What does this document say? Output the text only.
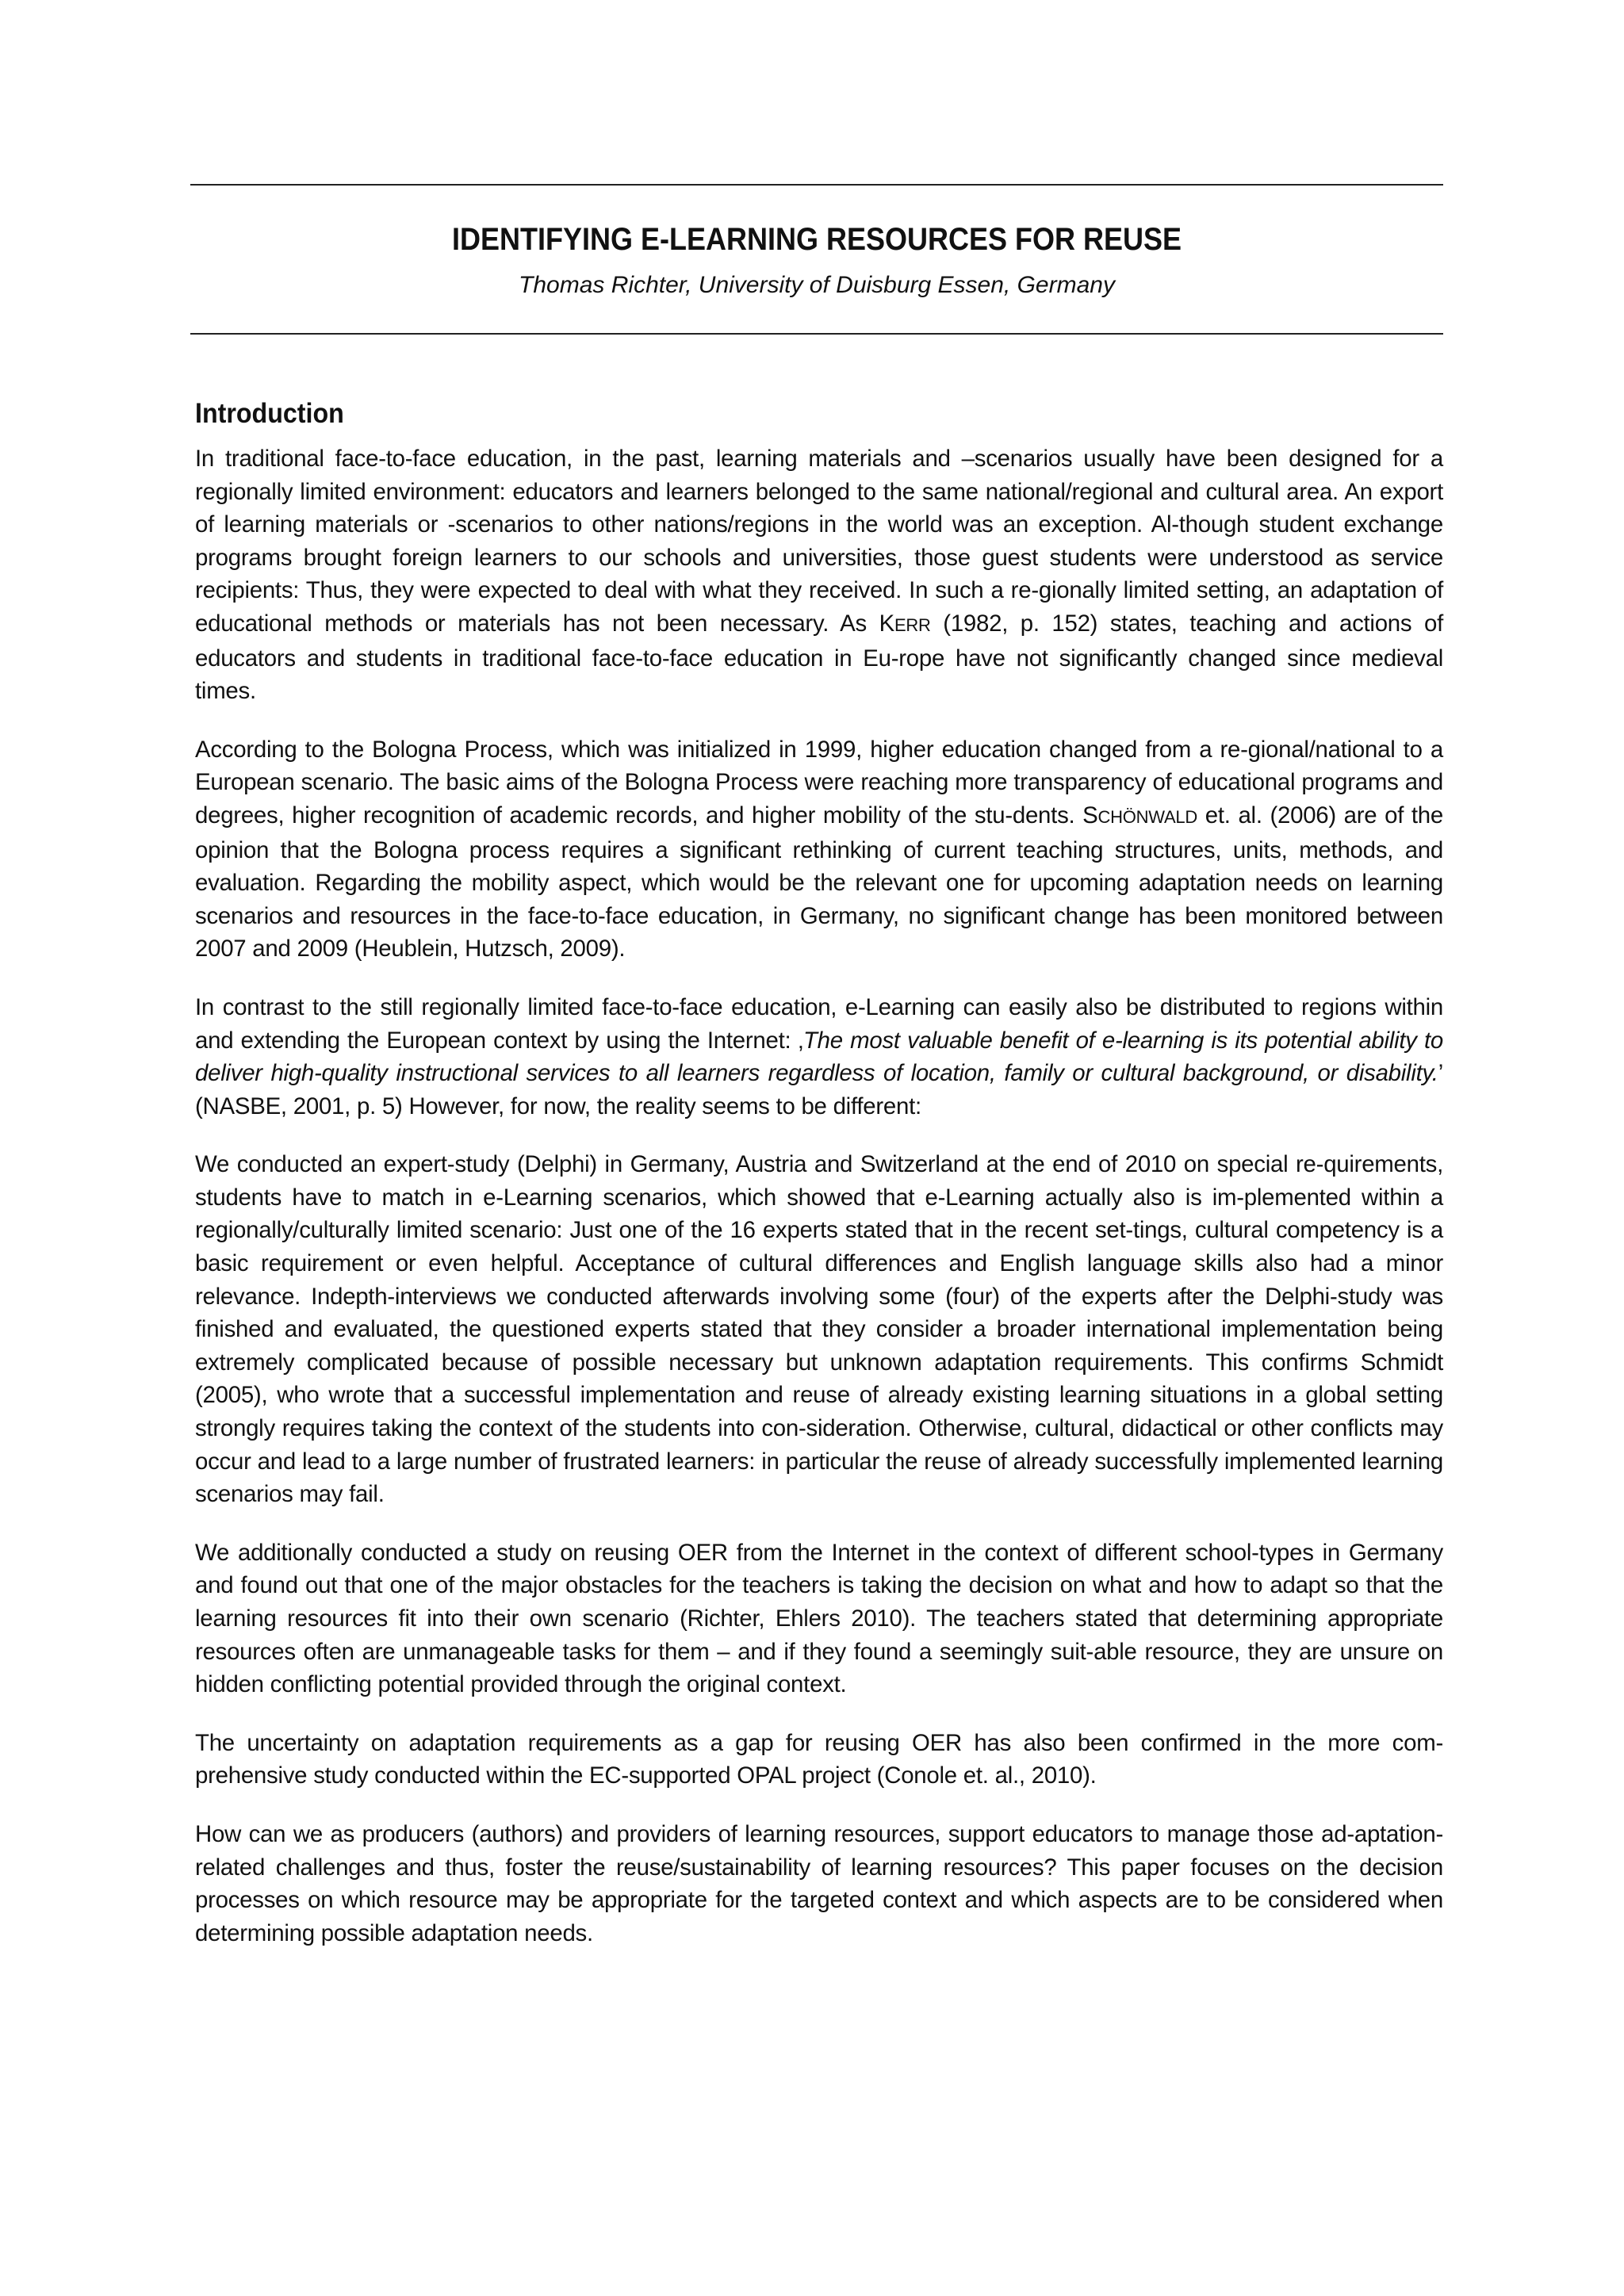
IDENTIFYING E-LEARNING RESOURCES FOR REUSE

Thomas Richter, University of Duisburg Essen, Germany

Introduction

In traditional face-to-face education, in the past, learning materials and –scenarios usually have been designed for a regionally limited environment: educators and learners belonged to the same national/regional and cultural area. An export of learning materials or -scenarios to other nations/regions in the world was an exception. Al-though student exchange programs brought foreign learners to our schools and universities, those guest students were understood as service recipients: Thus, they were expected to deal with what they received. In such a re-gionally limited setting, an adaptation of educational methods or materials has not been necessary. As KERR (1982, p. 152) states, teaching and actions of educators and students in traditional face-to-face education in Eu-rope have not significantly changed since medieval times.

According to the Bologna Process, which was initialized in 1999, higher education changed from a re-gional/national to a European scenario. The basic aims of the Bologna Process were reaching more transparency of educational programs and degrees, higher recognition of academic records, and higher mobility of the stu-dents. SCHÖNWALD et. al. (2006) are of the opinion that the Bologna process requires a significant rethinking of current teaching structures, units, methods, and evaluation. Regarding the mobility aspect, which would be the relevant one for upcoming adaptation needs on learning scenarios and resources in the face-to-face education, in Germany, no significant change has been monitored between 2007 and 2009 (Heublein, Hutzsch, 2009).

In contrast to the still regionally limited face-to-face education, e-Learning can easily also be distributed to regions within and extending the European context by using the Internet: ‚The most valuable benefit of e-learning is its potential ability to deliver high-quality instructional services to all learners regardless of location, family or cultural background, or disability.’ (NASBE, 2001, p. 5) However, for now, the reality seems to be different:

We conducted an expert-study (Delphi) in Germany, Austria and Switzerland at the end of 2010 on special re-quirements, students have to match in e-Learning scenarios, which showed that e-Learning actually also is im-plemented within a regionally/culturally limited scenario: Just one of the 16 experts stated that in the recent set-tings, cultural competency is a basic requirement or even helpful. Acceptance of cultural differences and English language skills also had a minor relevance. Indepth-interviews we conducted afterwards involving some (four) of the experts after the Delphi-study was finished and evaluated, the questioned experts stated that they consider a broader international implementation being extremely complicated because of possible necessary but unknown adaptation requirements. This confirms Schmidt (2005), who wrote that a successful implementation and reuse of already existing learning situations in a global setting strongly requires taking the context of the students into con-sideration. Otherwise, cultural, didactical or other conflicts may occur and lead to a large number of frustrated learners: in particular the reuse of already successfully implemented learning scenarios may fail.

We additionally conducted a study on reusing OER from the Internet in the context of different school-types in Germany and found out that one of the major obstacles for the teachers is taking the decision on what and how to adapt so that the learning resources fit into their own scenario (Richter, Ehlers 2010). The teachers stated that determining appropriate resources often are unmanageable tasks for them – and if they found a seemingly suit-able resource, they are unsure on hidden conflicting potential provided through the original context.

The uncertainty on adaptation requirements as a gap for reusing OER has also been confirmed in the more com-prehensive study conducted within the EC-supported OPAL project (Conole et. al., 2010).

How can we as producers (authors) and providers of learning resources, support educators to manage those ad-aptation-related challenges and thus, foster the reuse/sustainability of learning resources? This paper focuses on the decision processes on which resource may be appropriate for the targeted context and which aspects are to be considered when determining possible adaptation needs.
